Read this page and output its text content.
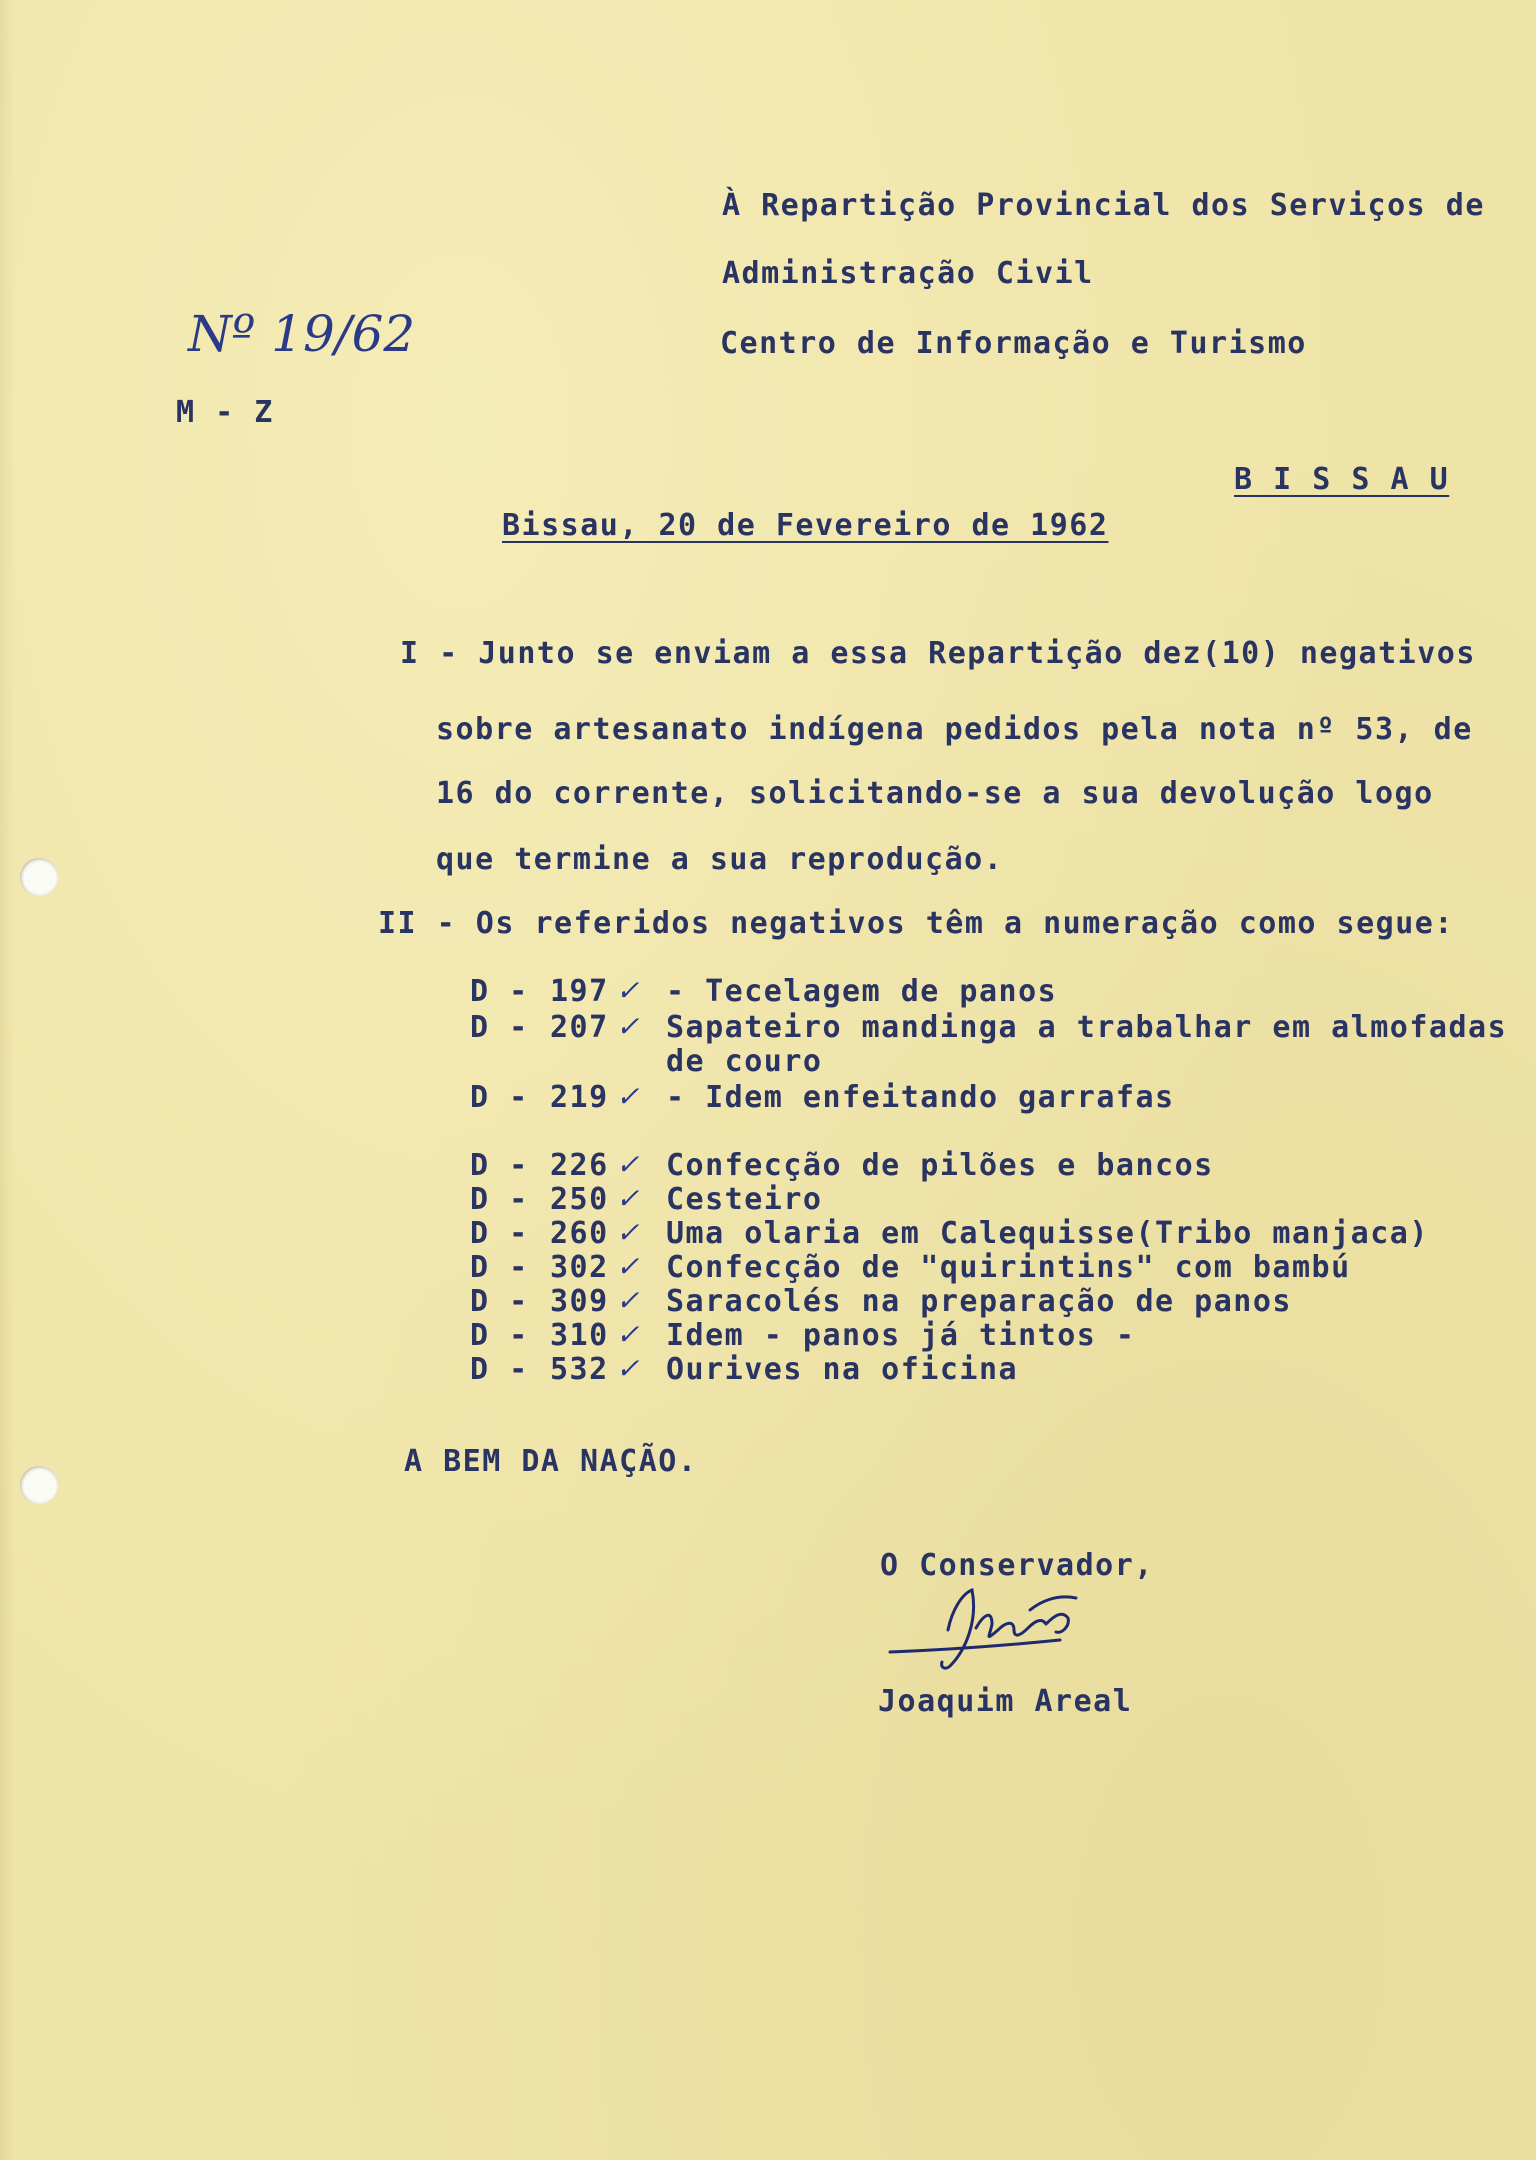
À Repartição Provincial dos Serviços de
Administração Civil
Centro de Informação e Turismo
Nº 19/62
M - Z
B I S S A U
Bissau, 20 de Fevereiro de 1962
I - Junto se enviam a essa Repartição dez(10) negativos
sobre artesanato indígena pedidos pela nota nº 53, de
16 do corrente, solicitando-se a sua devolução logo
que termine a sua reprodução.
II - Os referidos negativos têm a numeração como segue:
D - 197 ✓ - Tecelagem de panos
D - 207 ✓ Sapateiro mandinga a trabalhar em almofadas
de couro
D - 219 ✓ - Idem enfeitando garrafas
D - 226 ✓ Confecção de pilões e bancos
D - 250 ✓ Cesteiro
D - 260 ✓ Uma olaria em Calequisse(Tribo manjaca)
D - 302 ✓ Confecção de "quirintins" com bambú
D - 309 ✓ Saracolés na preparação de panos
D - 310 ✓ Idem - panos já tintos -
D - 532 ✓ Ourives na oficina
A BEM DA NAÇÃO.
O Conservador,
Joaquim Areal
